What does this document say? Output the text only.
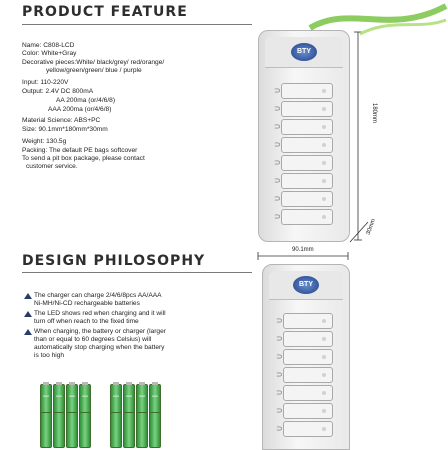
PRODUCT FEATURE
Name: C808-LCD
Color: White+Gray
Decorative pieces:White/ black/grey/ red/orange/
yellow/green/green/ blue / purple
Input: 110-220V
Output: 2.4V DC 800mA
AA 200ma (or/4/6/8)
AAA 200ma (or/4/6/8)
Material Science: ABS+PC
Size: 90.1mm*180mm*30mm
Weight: 130.5g
Packing: The default PE bags softcover
To send a pit box package, please contact
customer service.
BTY
⊃
⊃
⊃
⊃
⊃
⊃
⊃
⊃
180mm
90.1mm
30mm
DESIGN PHILOSOPHY
The charger can charge 2/4/6/8pcs AA/AAA
Ni-MH/Ni-CD rechargeable batteries
The LED shows red when charging and it will
turn off when reach to the fixed time
When charging, the battery or charger (larger
than or equal to 60 degrees Celsius) will
automatically stop charging when the battery
is too high
AAA	AAA	AAA	AAA	AAA	AAA	AAA	AAA
BTY
⊃
⊃
⊃
⊃
⊃
⊃
⊃
